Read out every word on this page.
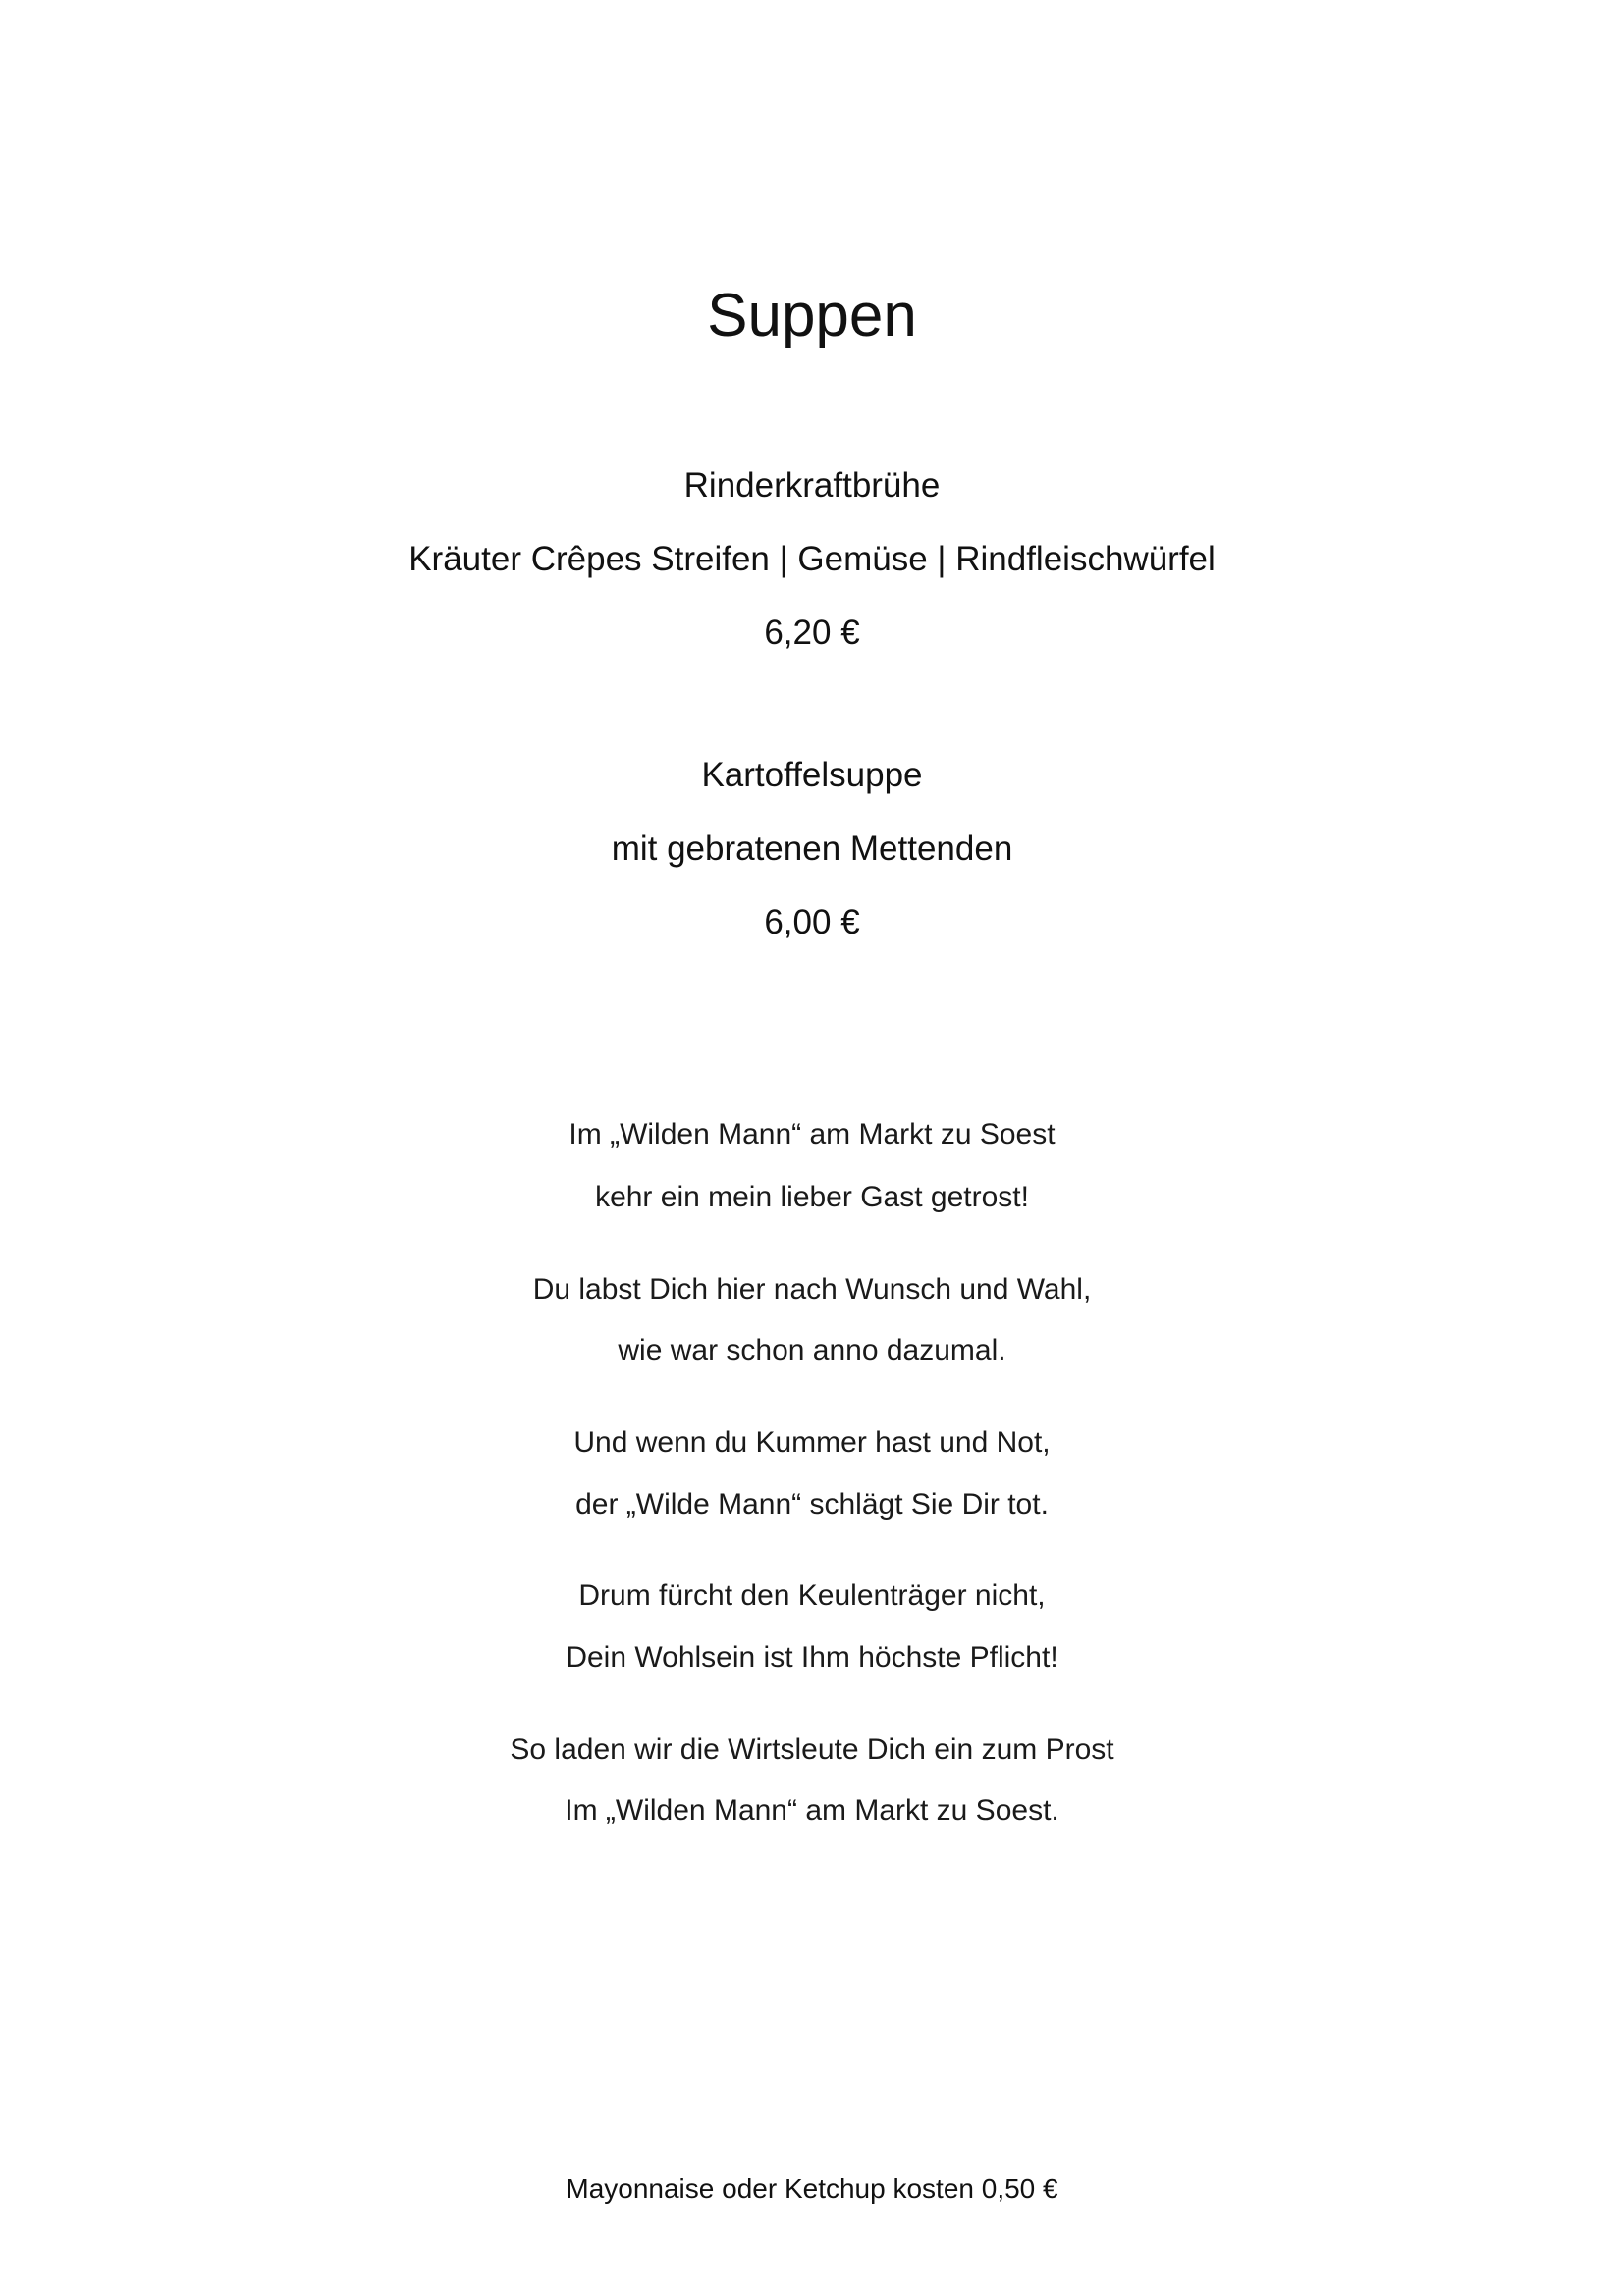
Suppen
Rinderkraftbrühe
Kräuter Crêpes Streifen | Gemüse | Rindfleischwürfel
6,20 €
Kartoffelsuppe
mit gebratenen Mettenden
6,00 €
Im „Wilden Mann“ am Markt zu Soest
kehr ein mein lieber Gast getrost!
Du labst Dich hier nach Wunsch und Wahl,
wie war schon anno dazumal.
Und wenn du Kummer hast und Not,
der „Wilde Mann“ schlägt Sie Dir tot.
Drum fürcht den Keulenträger nicht,
Dein Wohlsein ist Ihm höchste Pflicht!
So laden wir die Wirtsleute Dich ein zum Prost
Im „Wilden Mann“ am Markt zu Soest.
Mayonnaise oder Ketchup kosten 0,50 €
